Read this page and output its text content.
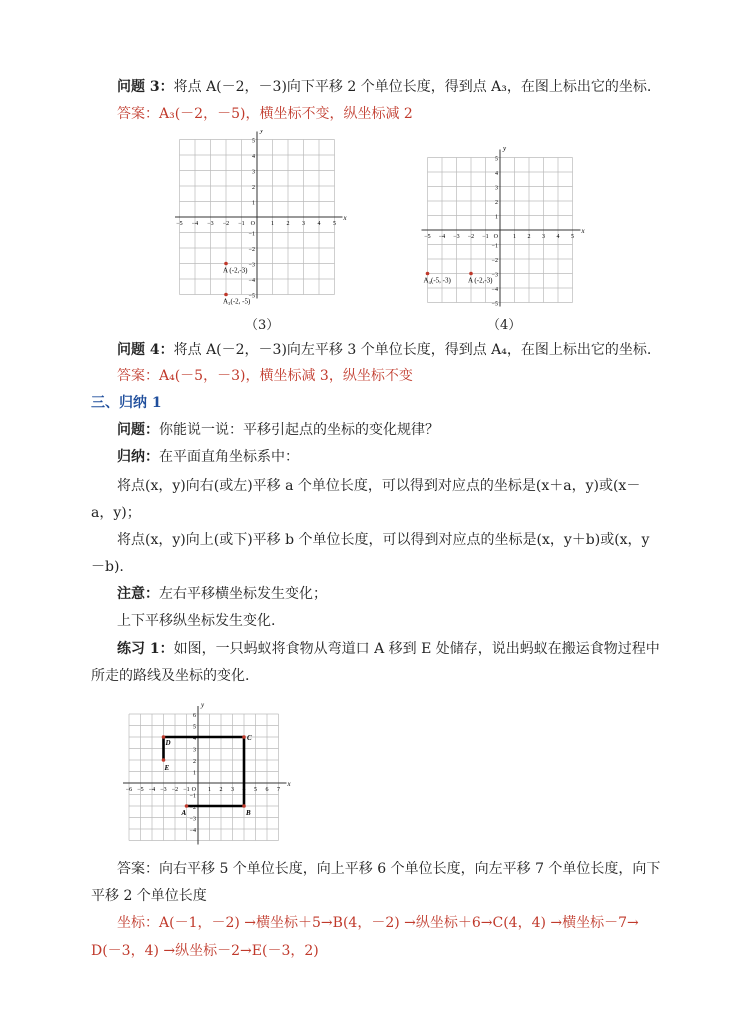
问题 3：将点 A(－2，－3)向下平移 2 个单位长度，得到点 A₃，在图上标出它的坐标.
答案：A₃(－2，－5)，横坐标不变，纵坐标减 2
x
y
−5 −4 −3 −2 −1	1 2 3 4 5
−5
−4
−3
−2
−1
1
2
3
4
5
O
A (-2,-3)
A₃(-2, -5)
（3）
x
y
−5 −4 −3 −2 −1	1 2 3 4 5
−5
−4
−3
−2
−1
1
2
3
4
5
O
A₄(-5, -3) A (-2,-3)
（4）
问题 4：将点 A(－2，－3)向左平移 3 个单位长度，得到点 A₄，在图上标出它的坐标.
答案：A₄(－5，－3)，横坐标减 3，纵坐标不变
三、归纳 1
问题：你能说一说：平移引起点的坐标的变化规律？
归纳：在平面直角坐标系中：
将点(x，y)向右(或左)平移 a 个单位长度，可以得到对应点的坐标是(x＋a，y)或(x－
a，y)；
将点(x，y)向上(或下)平移 b 个单位长度，可以得到对应点的坐标是(x，y＋b)或(x，y
－b).
注意：左右平移横坐标发生变化；
上下平移纵坐标发生变化.
练习 1：如图，一只蚂蚁将食物从弯道口 A 移到 E 处储存，说出蚂蚁在搬运食物过程中
所走的路线及坐标的变化.
x
y
−6 −5 −4 −3 −2 −1	1 2 3 4 5 6 7
−4
−3
−2
−1
1
2
3
4
5
6
O
A	B
C
D
E
答案：向右平移 5 个单位长度，向上平移 6 个单位长度，向左平移 7 个单位长度，向下
平移 2 个单位长度
坐标：A(－1，－2) →横坐标＋5→B(4，－2) →纵坐标＋6→C(4，4) →横坐标－7→
D(－3，4) →纵坐标－2→E(－3，2)
